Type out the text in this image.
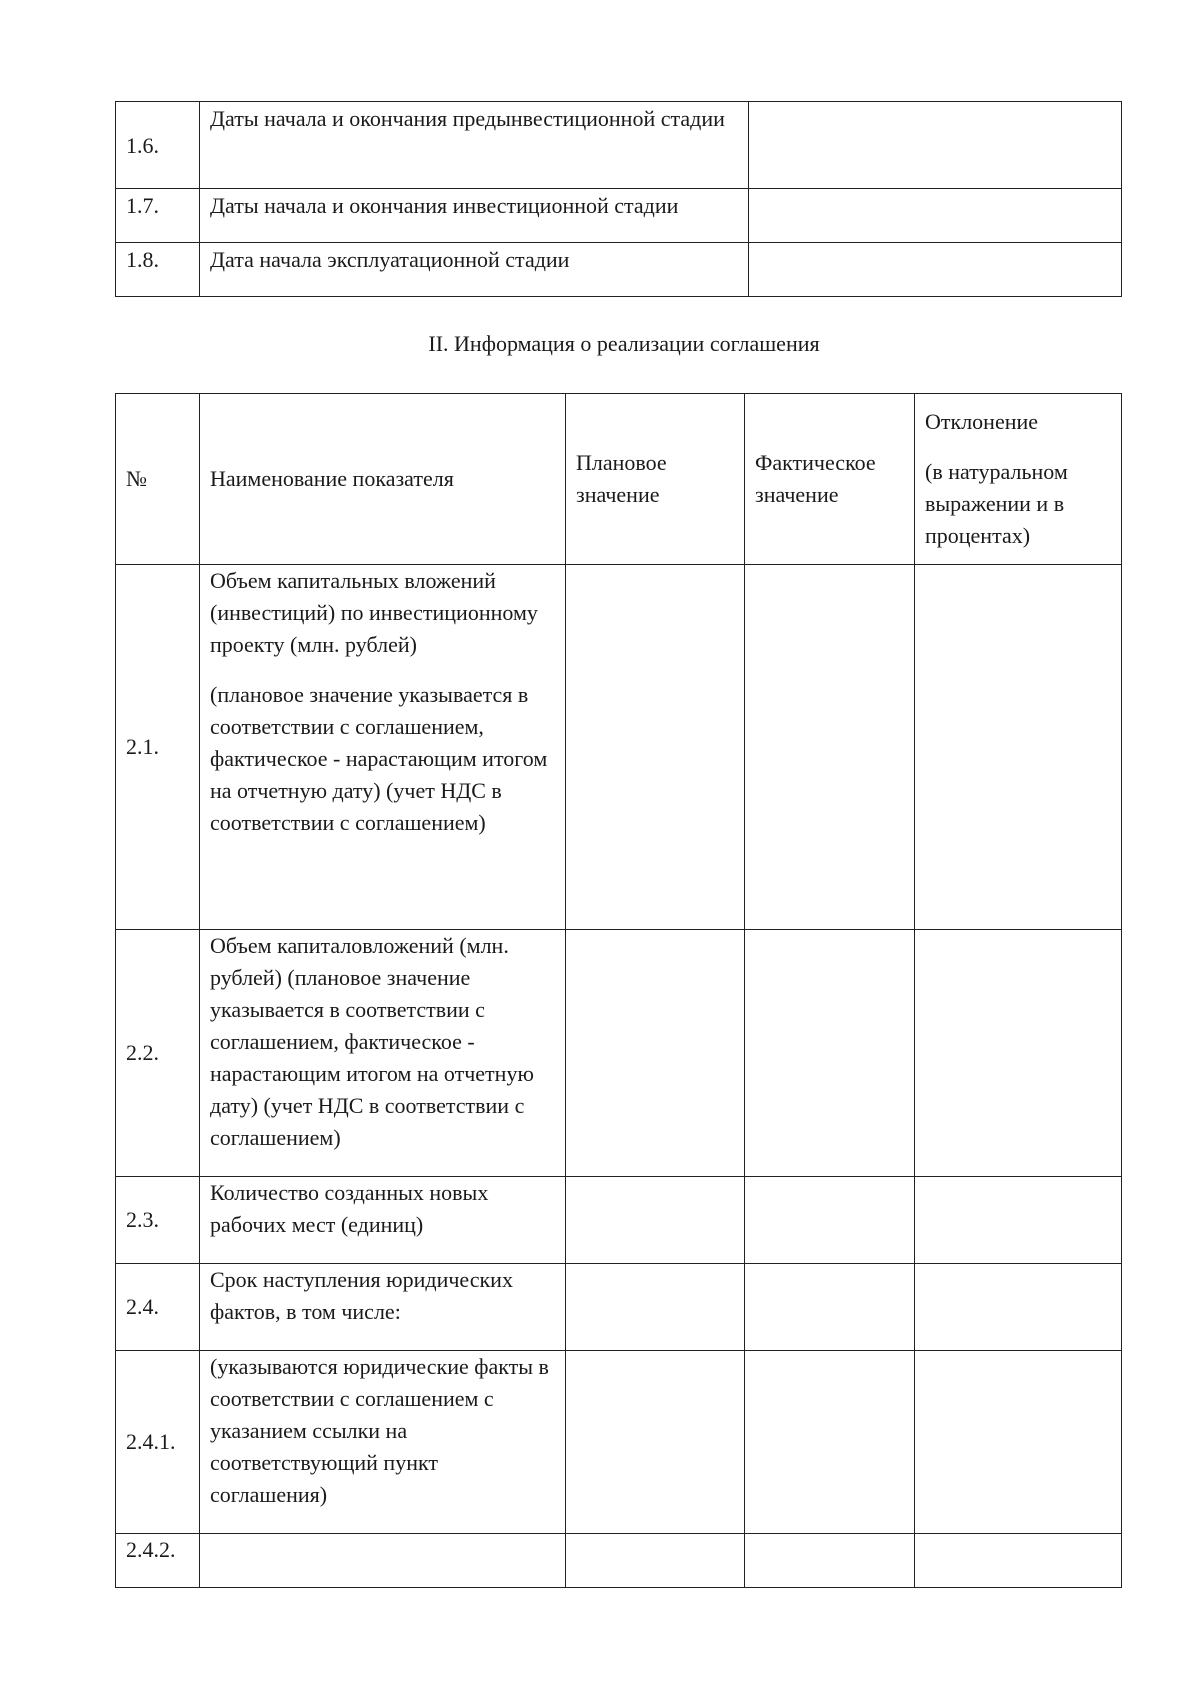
1.6.	Даты начала и окончания предынвестиционной стадии	
1.7.	Даты начала и окончания инвестиционной стадии	
1.8.	Дата начала эксплуатационной стадии	
II. Информация о реализации соглашения
№	Наименование показателя	Плановое значение	Фактическое значение	Отклонение
(в натуральном выражении и в процентах)

2.1.	Объем капитальных вложений (инвестиций) по инвестиционному проекту (млн. рублей)
(плановое значение указывается в соответствии с соглашением, фактическое - нарастающим итогом на отчетную дату) (учет НДС в соответствии с соглашением)			

2.2.	Объем капиталовложений (млн. рублей) (плановое значение указывается в соответствии с соглашением, фактическое - нарастающим итогом на отчетную дату) (учет НДС в соответствии с соглашением)			
2.3.	Количество созданных новых рабочих мест (единиц)			
2.4.	Срок наступления юридических фактов, в том числе:			
2.4.1.	(указываются юридические факты в соответствии с соглашением с указанием ссылки на соответствующий пункт соглашения)			
2.4.2.				
